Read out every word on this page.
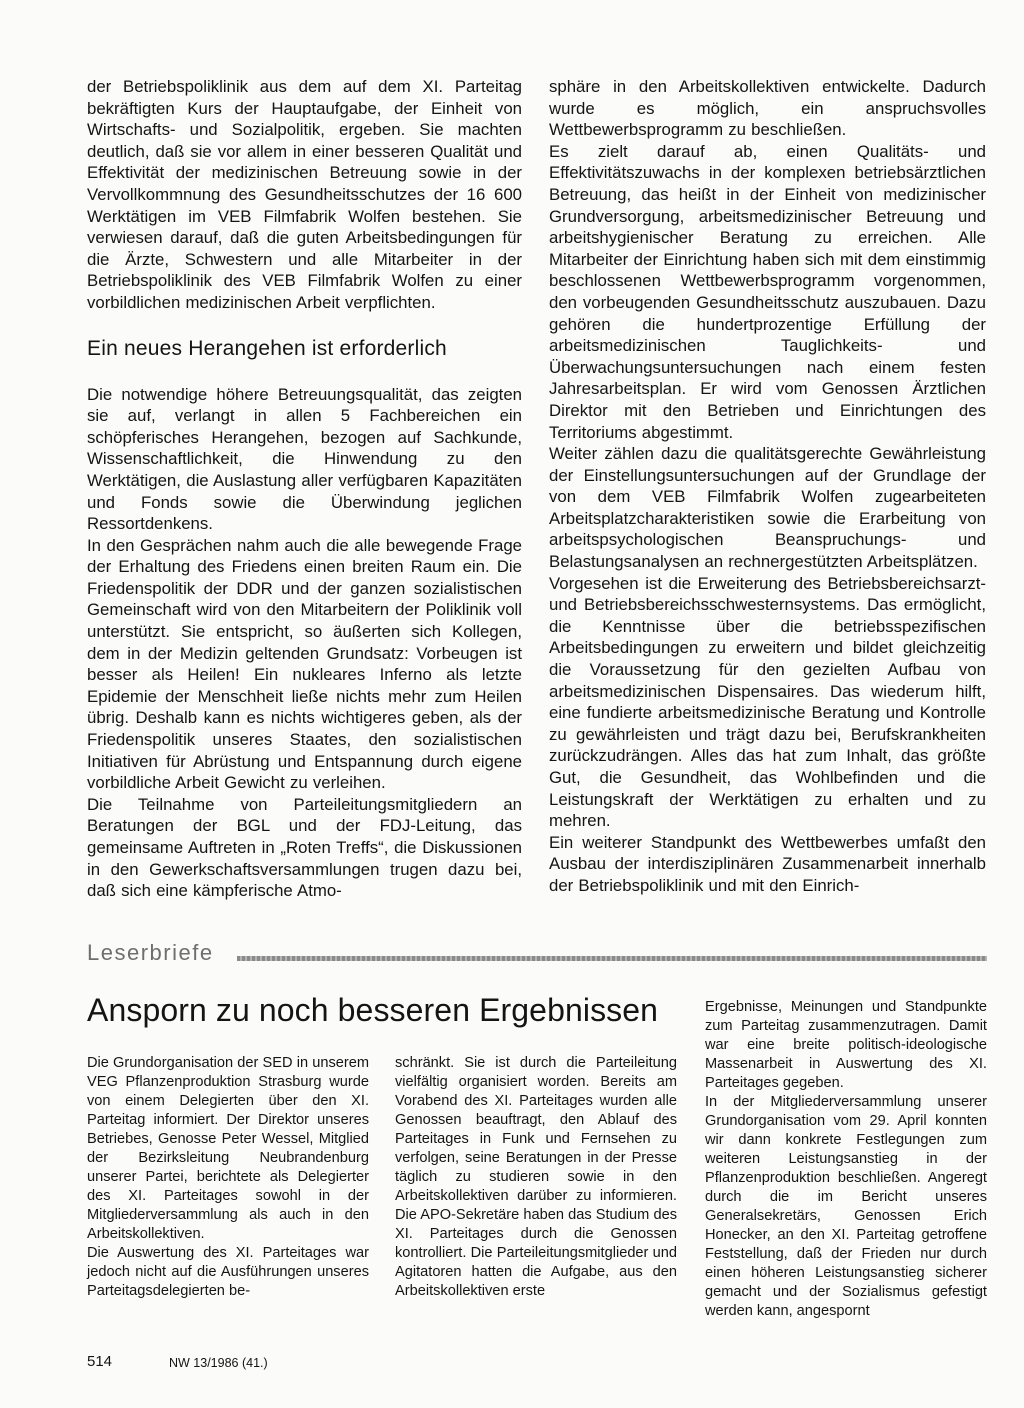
der Betriebspoliklinik aus dem auf dem XI. Parteitag bekräftigten Kurs der Hauptaufgabe, der Einheit von Wirtschafts- und Sozialpolitik, ergeben. Sie machten deutlich, daß sie vor allem in einer besseren Qualität und Effektivität der medizinischen Betreuung sowie in der Vervollkommnung des Gesundheitsschutzes der 16 600 Werktätigen im VEB Filmfabrik Wolfen bestehen. Sie verwiesen darauf, daß die guten Arbeitsbedingungen für die Ärzte, Schwestern und alle Mitarbeiter in der Betriebspoliklinik des VEB Filmfabrik Wolfen zu einer vorbildlichen medizinischen Arbeit verpflichten.

Ein neues Herangehen ist erforderlich

Die notwendige höhere Betreuungsqualität, das zeigten sie auf, verlangt in allen 5 Fachbereichen ein schöpferisches Herangehen, bezogen auf Sachkunde, Wissenschaftlichkeit, die Hinwendung zu den Werktätigen, die Auslastung aller verfügbaren Kapazitäten und Fonds sowie die Überwindung jeglichen Ressortdenkens.

In den Gesprächen nahm auch die alle bewegende Frage der Erhaltung des Friedens einen breiten Raum ein. Die Friedenspolitik der DDR und der ganzen sozialistischen Gemeinschaft wird von den Mitarbeitern der Poliklinik voll unterstützt. Sie entspricht, so äußerten sich Kollegen, dem in der Medizin geltenden Grundsatz: Vorbeugen ist besser als Heilen! Ein nukleares Inferno als letzte Epidemie der Menschheit ließe nichts mehr zum Heilen übrig. Deshalb kann es nichts wichtigeres geben, als der Friedenspolitik unseres Staates, den sozialistischen Initiativen für Abrüstung und Entspannung durch eigene vorbildliche Arbeit Gewicht zu verleihen.

Die Teilnahme von Parteileitungsmitgliedern an Beratungen der BGL und der FDJ-Leitung, das gemeinsame Auftreten in „Roten Treffs“, die Diskussionen in den Gewerkschaftsversammlungen trugen dazu bei, daß sich eine kämpferische Atmo-

sphäre in den Arbeitskollektiven entwickelte. Dadurch wurde es möglich, ein anspruchsvolles Wettbewerbsprogramm zu beschließen.

Es zielt darauf ab, einen Qualitäts- und Effektivitätszuwachs in der komplexen betriebsärztlichen Betreuung, das heißt in der Einheit von medizinischer Grundversorgung, arbeitsmedizinischer Betreuung und arbeitshygienischer Beratung zu erreichen. Alle Mitarbeiter der Einrichtung haben sich mit dem einstimmig beschlossenen Wettbewerbsprogramm vorgenommen, den vorbeugenden Gesundheitsschutz auszubauen. Dazu gehören die hundertprozentige Erfüllung der arbeitsmedizinischen Tauglichkeits- und Überwachungsuntersuchungen nach einem festen Jahresarbeitsplan. Er wird vom Genossen Ärztlichen Direktor mit den Betrieben und Einrichtungen des Territoriums abgestimmt.

Weiter zählen dazu die qualitätsgerechte Gewährleistung der Einstellungsuntersuchungen auf der Grundlage der von dem VEB Filmfabrik Wolfen zugearbeiteten Arbeitsplatzcharakteristiken sowie die Erarbeitung von arbeitspsychologischen Beanspruchungs- und Belastungsanalysen an rechnergestützten Arbeitsplätzen.

Vorgesehen ist die Erweiterung des Betriebsbereichsarzt- und Betriebsbereichsschwesternsystems. Das ermöglicht, die Kenntnisse über die betriebsspezifischen Arbeitsbedingungen zu erweitern und bildet gleichzeitig die Voraussetzung für den gezielten Aufbau von arbeitsmedizinischen Dispensaires. Das wiederum hilft, eine fundierte arbeitsmedizinische Beratung und Kontrolle zu gewährleisten und trägt dazu bei, Berufskrankheiten zurückzudrängen. Alles das hat zum Inhalt, das größte Gut, die Gesundheit, das Wohlbefinden und die Leistungskraft der Werktätigen zu erhalten und zu mehren.

Ein weiterer Standpunkt des Wettbewerbes umfaßt den Ausbau der interdisziplinären Zusammenarbeit innerhalb der Betriebspoliklinik und mit den Einrich-

Leserbriefe
Ansporn zu noch besseren Ergebnissen

Die Grundorganisation der SED in unserem VEG Pflanzenproduktion Strasburg wurde von einem Delegierten über den XI. Parteitag informiert. Der Direktor unseres Betriebes, Genosse Peter Wessel, Mitglied der Bezirksleitung Neubrandenburg unserer Partei, berichtete als Delegierter des XI. Parteitages sowohl in der Mitgliederversammlung als auch in den Arbeitskollektiven.

Die Auswertung des XI. Parteitages war jedoch nicht auf die Ausführungen unseres Parteitagsdelegierten be-

schränkt. Sie ist durch die Parteileitung vielfältig organisiert worden. Bereits am Vorabend des XI. Parteitages wurden alle Genossen beauftragt, den Ablauf des Parteitages in Funk und Fernsehen zu verfolgen, seine Beratungen in der Presse täglich zu studieren sowie in den Arbeitskollektiven darüber zu informieren. Die APO-Sekretäre haben das Studium des XI. Parteitages durch die Genossen kontrolliert. Die Parteileitungsmitglieder und Agitatoren hatten die Aufgabe, aus den Arbeitskollektiven erste

Ergebnisse, Meinungen und Standpunkte zum Parteitag zusammenzutragen. Damit war eine breite politisch-ideologische Massenarbeit in Auswertung des XI. Parteitages gegeben.

In der Mitgliederversammlung unserer Grundorganisation vom 29. April konnten wir dann konkrete Festlegungen zum weiteren Leistungsanstieg in der Pflanzenproduktion beschließen. Angeregt durch die im Bericht unseres Generalsekretärs, Genossen Erich Honecker, an den XI. Parteitag getroffene Feststellung, daß der Frieden nur durch einen höheren Leistungsanstieg sicherer gemacht und der Sozialismus gefestigt werden kann, angespornt

514	NW 13/1986 (41.)
